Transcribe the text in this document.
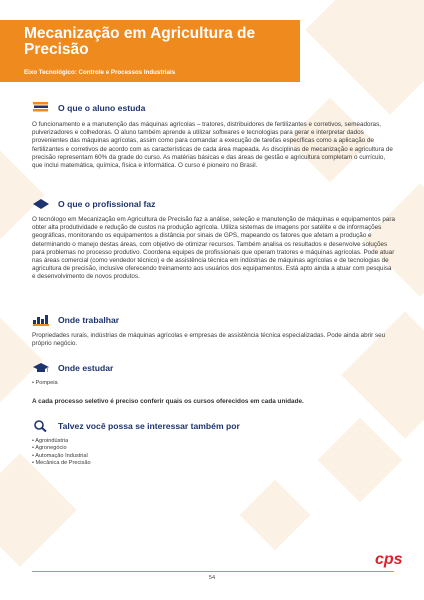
Mecanização em Agricultura de Precisão
Eixo Tecnológico: Controle e Processos Industriais
O que o aluno estuda

O funcionamento e a manutenção das máquinas agrícolas – tratores, distribuidores de fertilizantes e corretivos, semeadoras, pulverizadores e colhedoras. O aluno também aprende a utilizar softwares e tecnologias para gerar e interpretar dados provenientes das máquinas agrícolas, assim como para comandar a execução de tarefas específicas como a aplicação de fertilizantes e corretivos de acordo com as características de cada área mapeada. As disciplinas de mecanização e agricultura de precisão representam 60% da grade do curso. As matérias básicas e das áreas de gestão e agricultura completam o currículo, que inclui matemática, química, física e informática. O curso é pioneiro no Brasil.

O que o profissional faz

O tecnólogo em Mecanização em Agricultura de Precisão faz a análise, seleção e manutenção de máquinas e equipamentos para obter alta produtividade e redução de custos na produção agrícola. Utiliza sistemas de imagens por satélite e de informações geográficas, monitorando os equipamentos a distância por sinais de GPS, mapeando os fatores que afetam a produção e determinando o manejo destas áreas, com objetivo de otimizar recursos. Também analisa os resultados e desenvolve soluções para problemas no processo produtivo. Coordena equipes de profissionais que operam tratores e máquinas agrícolas. Pode atuar nas áreas comercial (como vendedor técnico) e de assistência técnica em indústrias de máquinas agrícolas e de tecnologias de agricultura de precisão, inclusive oferecendo treinamento aos usuários dos equipamentos. Está apto ainda a atuar com pesquisa e desenvolvimento de novos produtos.

Onde trabalhar

Propriedades rurais, indústrias de máquinas agrícolas e empresas de assistência técnica especializadas. Pode ainda abrir seu próprio negócio.

Onde estudar
• Pompeia
A cada processo seletivo é preciso conferir quais os cursos oferecidos em cada unidade.
Talvez você possa se interessar também por
• Agroindústria
• Agronegócio
• Automação Industrial
• Mecânica de Precisão
54
cps
